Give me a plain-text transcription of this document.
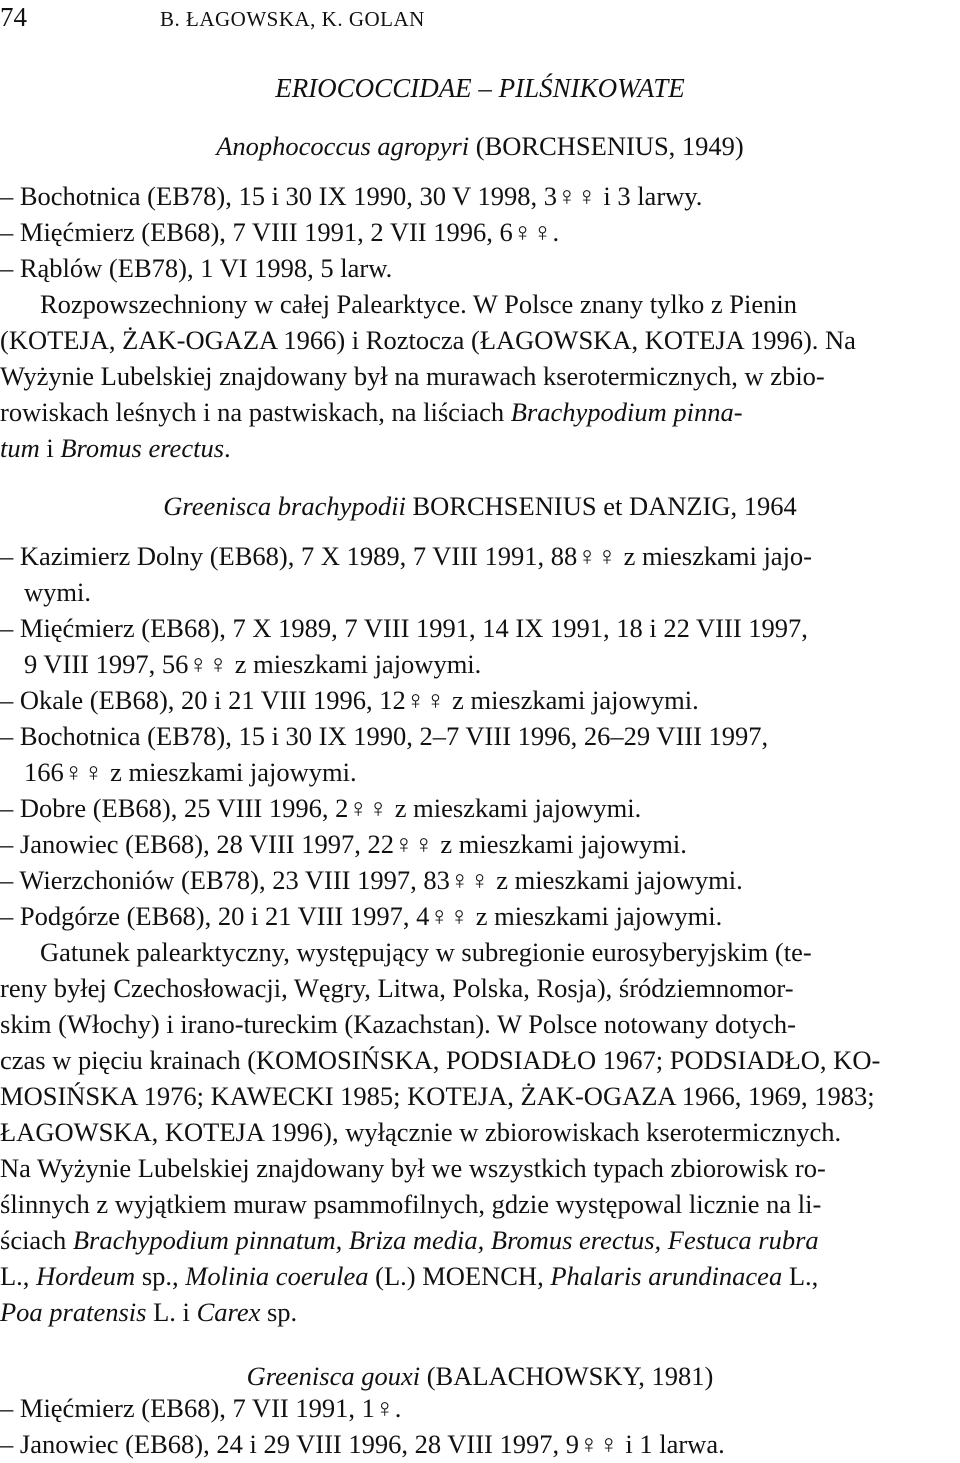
74	B. ŁAGOWSKA, K. GOLAN
ERIOCOCCIDAE – PILŚNIKOWATE
Anophococcus agropyri (BORCHSENIUS, 1949)
– Bochotnica (EB78), 15 i 30 IX 1990, 30 V 1998, 3♀♀ i 3 larwy.
– Mięćmierz (EB68), 7 VIII 1991, 2 VII 1996, 6♀♀.
– Rąblów (EB78), 1 VI 1998, 5 larw.
Rozpowszechniony w całej Palearktyce. W Polsce znany tylko z Pienin
(KOTEJA, ŻAK-OGAZA 1966) i Roztocza (ŁAGOWSKA, KOTEJA 1996). Na
Wyżynie Lubelskiej znajdowany był na murawach kserotermicznych, w zbio-
rowiskach leśnych i na pastwiskach, na liściach Brachypodium pinna-
tum i Bromus erectus.
Greenisca brachypodii BORCHSENIUS et DANZIG, 1964
– Kazimierz Dolny (EB68), 7 X 1989, 7 VIII 1991, 88♀♀ z mieszkami jajo-
wymi.
– Mięćmierz (EB68), 7 X 1989, 7 VIII 1991, 14 IX 1991, 18 i 22 VIII 1997,
9 VIII 1997, 56♀♀ z mieszkami jajowymi.
– Okale (EB68), 20 i 21 VIII 1996, 12♀♀ z mieszkami jajowymi.
– Bochotnica (EB78), 15 i 30 IX 1990, 2–7 VIII 1996, 26–29 VIII 1997,
166♀♀ z mieszkami jajowymi.
– Dobre (EB68), 25 VIII 1996, 2♀♀ z mieszkami jajowymi.
– Janowiec (EB68), 28 VIII 1997, 22♀♀ z mieszkami jajowymi.
– Wierzchoniów (EB78), 23 VIII 1997, 83♀♀ z mieszkami jajowymi.
– Podgórze (EB68), 20 i 21 VIII 1997, 4♀♀ z mieszkami jajowymi.
Gatunek palearktyczny, występujący w subregionie eurosyberyjskim (te-
reny byłej Czechosłowacji, Węgry, Litwa, Polska, Rosja), śródziemnomor-
skim (Włochy) i irano-tureckim (Kazachstan). W Polsce notowany dotych-
czas w pięciu krainach (KOMOSIŃSKA, PODSIADŁO 1967; PODSIADŁO, KO-
MOSIŃSKA 1976; KAWECKI 1985; KOTEJA, ŻAK-OGAZA 1966, 1969, 1983;
ŁAGOWSKA, KOTEJA 1996), wyłącznie w zbiorowiskach kserotermicznych.
Na Wyżynie Lubelskiej znajdowany był we wszystkich typach zbiorowisk ro-
ślinnych z wyjątkiem muraw psammofilnych, gdzie występowal licznie na li-
ściach Brachypodium pinnatum, Briza media, Bromus erectus, Festuca rubra
L., Hordeum sp., Molinia coerulea (L.) MOENCH, Phalaris arundinacea L.,
Poa pratensis L. i Carex sp.
Greenisca gouxi (BALACHOWSKY, 1981)
– Mięćmierz (EB68), 7 VII 1991, 1♀.
– Janowiec (EB68), 24 i 29 VIII 1996, 28 VIII 1997, 9♀♀ i 1 larwa.
